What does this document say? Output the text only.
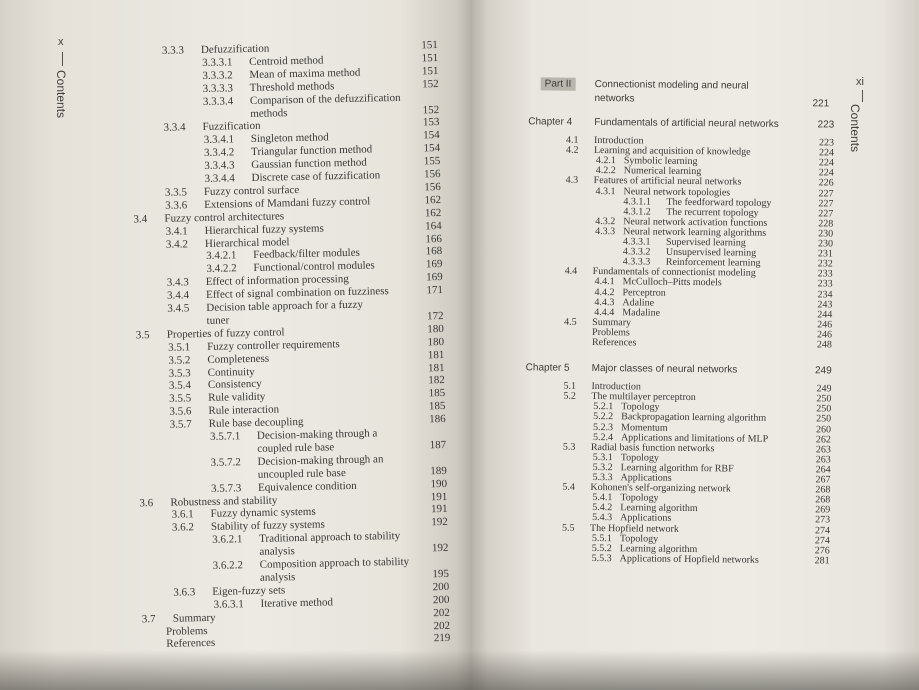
x
Contents
3.3.3 Defuzzification	151
3.3.3.1 Centroid method	151
3.3.3.2 Mean of maxima method	151
3.3.3.3 Threshold methods	152
3.3.3.4 Comparison of the defuzzification
methods	152
3.3.4 Fuzzification	153
3.3.4.1 Singleton method	154
3.3.4.2 Triangular function method	154
3.3.4.3 Gaussian function method	155
3.3.4.4 Discrete case of fuzzification	156
3.3.5 Fuzzy control surface	156
3.3.6 Extensions of Mamdani fuzzy control	162
3.4 Fuzzy control architectures	162
3.4.1 Hierarchical fuzzy systems	164
3.4.2 Hierarchical model	166
3.4.2.1 Feedback/filter modules	168
3.4.2.2 Functional/control modules	169
3.4.3 Effect of information processing	169
3.4.4 Effect of signal combination on fuzziness	171
3.4.5 Decision table approach for a fuzzy
tuner	172
3.5 Properties of fuzzy control	180
3.5.1 Fuzzy controller requirements	180
3.5.2 Completeness	181
3.5.3 Continuity	181
3.5.4 Consistency	182
3.5.5 Rule validity	185
3.5.6 Rule interaction	185
3.5.7 Rule base decoupling	186
3.5.7.1 Decision-making through a
coupled rule base	187
3.5.7.2 Decision-making through an
uncoupled rule base	189
3.5.7.3 Equivalence condition	190
3.6 Robustness and stability	191
3.6.1 Fuzzy dynamic systems	191
3.6.2 Stability of fuzzy systems	192
3.6.2.1 Traditional approach to stability
analysis	192
3.6.2.2 Composition approach to stability
analysis	195
3.6.3 Eigen-fuzzy sets	200
3.6.3.1 Iterative method	200
3.7 Summary	202
Problems	202
References	219
xi
Contents
Part II	Connectionist modeling and neural
networks	221
Chapter 4 Fundamentals of artificial neural networks	223
4.1 Introduction	223
4.2 Learning and acquisition of knowledge	224
4.2.1 Symbolic learning	224
4.2.2 Numerical learning	224
4.3 Features of artificial neural networks	226
4.3.1 Neural network topologies	227
4.3.1.1 The feedforward topology	227
4.3.1.2 The recurrent topology	227
4.3.2 Neural network activation functions	228
4.3.3 Neural network learning algorithms	230
4.3.3.1 Supervised learning	230
4.3.3.2 Unsupervised learning	231
4.3.3.3 Reinforcement learning	232
4.4 Fundamentals of connectionist modeling	233
4.4.1 McCulloch–Pitts models	233
4.4.2 Perceptron	234
4.4.3 Adaline	243
4.4.4 Madaline	244
4.5 Summary	246
Problems	246
References	248
Chapter 5 Major classes of neural networks	249
5.1 Introduction	249
5.2 The multilayer perceptron	250
5.2.1 Topology	250
5.2.2 Backpropagation learning algorithm	250
5.2.3 Momentum	260
5.2.4 Applications and limitations of MLP	262
5.3 Radial basis function networks	263
5.3.1 Topology	263
5.3.2 Learning algorithm for RBF	264
5.3.3 Applications	267
5.4 Kohonen's self-organizing network	268
5.4.1 Topology	268
5.4.2 Learning algorithm	269
5.4.3 Applications	273
5.5 The Hopfield network	274
5.5.1 Topology	274
5.5.2 Learning algorithm	276
5.5.3 Applications of Hopfield networks	281
